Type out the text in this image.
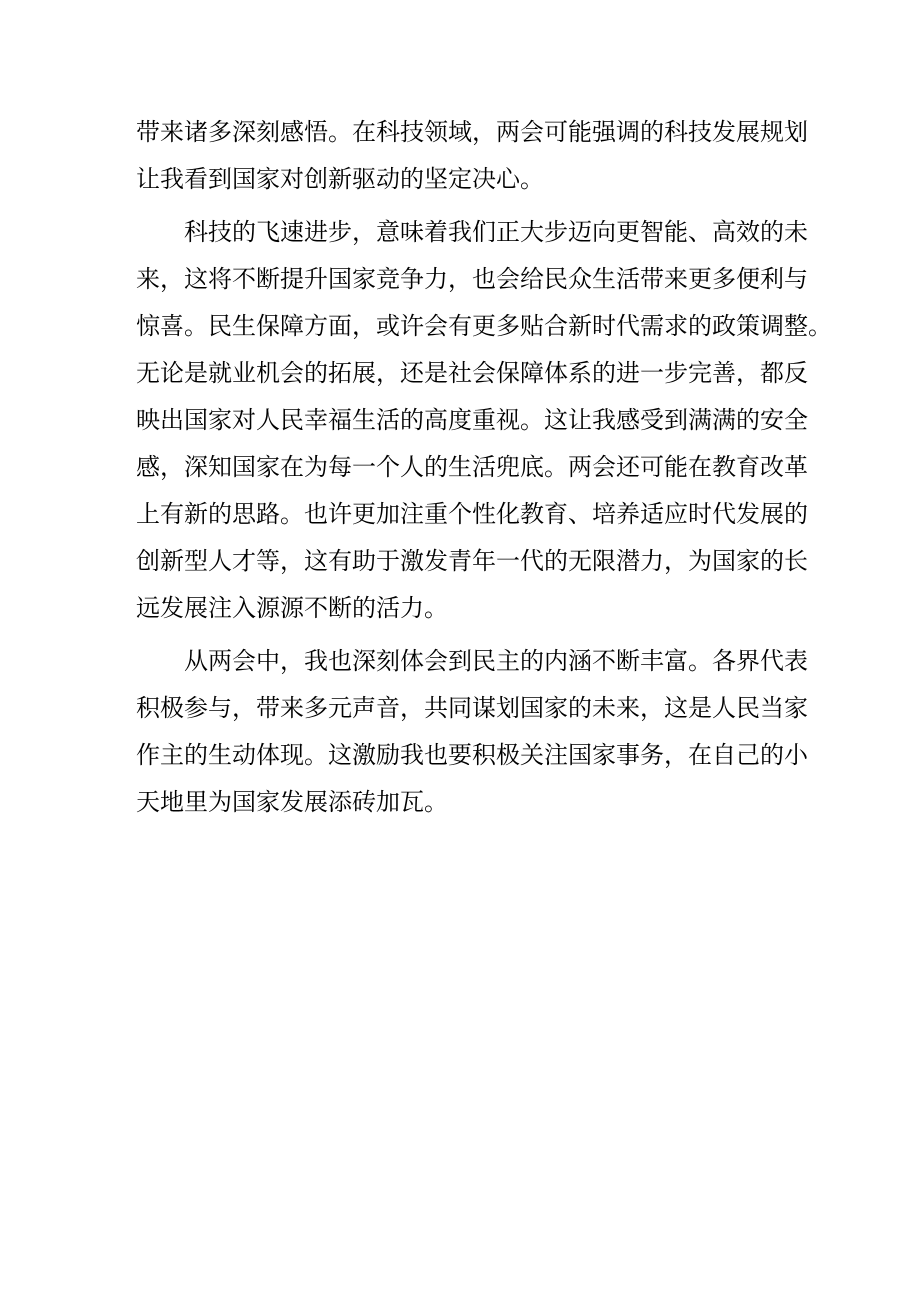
带来诸多深刻感悟。在科技领域，两会可能强调的科技发展规划
让我看到国家对创新驱动的坚定决心。
科技的飞速进步，意味着我们正大步迈向更智能、高效的未
来，这将不断提升国家竞争力，也会给民众生活带来更多便利与
惊喜。民生保障方面，或许会有更多贴合新时代需求的政策调整。
无论是就业机会的拓展，还是社会保障体系的进一步完善，都反
映出国家对人民幸福生活的高度重视。这让我感受到满满的安全
感，深知国家在为每一个人的生活兜底。两会还可能在教育改革
上有新的思路。也许更加注重个性化教育、培养适应时代发展的
创新型人才等，这有助于激发青年一代的无限潜力，为国家的长
远发展注入源源不断的活力。
从两会中，我也深刻体会到民主的内涵不断丰富。各界代表
积极参与，带来多元声音，共同谋划国家的未来，这是人民当家
作主的生动体现。这激励我也要积极关注国家事务，在自己的小
天地里为国家发展添砖加瓦。
